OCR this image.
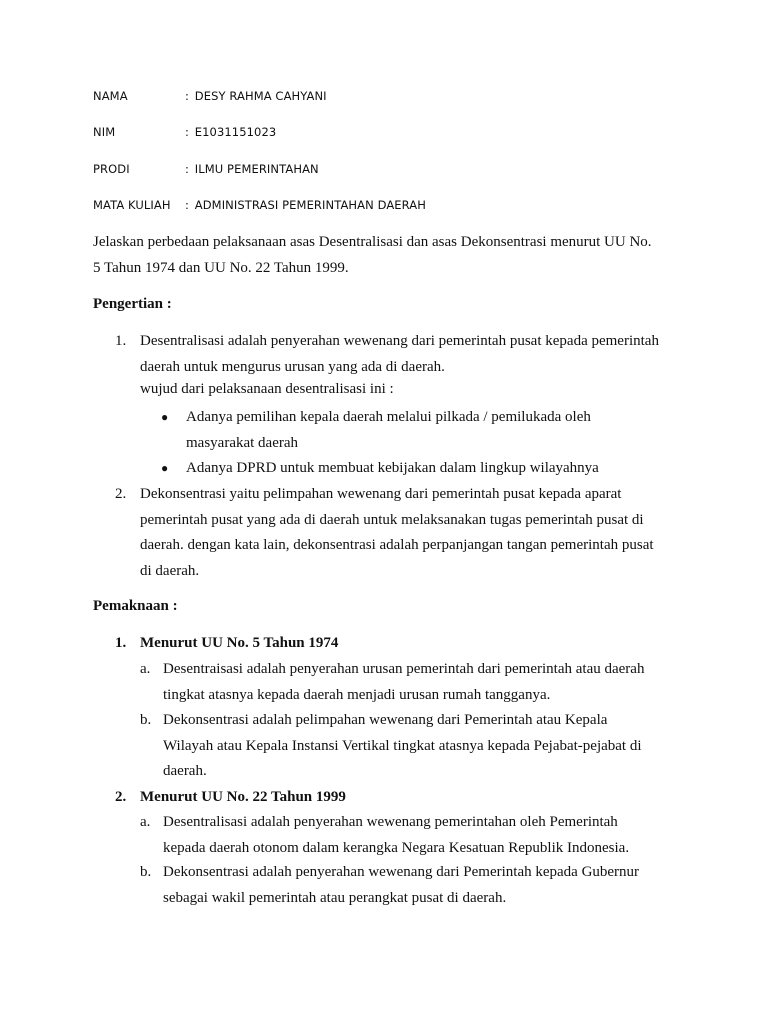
NAMA	: DESY RAHMA CAHYANI
NIM	: E1031151023
PRODI	: ILMU PEMERINTAHAN
MATA KULIAH : ADMINISTRASI PEMERINTAHAN DAERAH
Jelaskan perbedaan pelaksanaan asas Desentralisasi dan asas Dekonsentrasi menurut UU No.
5 Tahun 1974 dan UU No. 22 Tahun 1999.
Pengertian :
1. Desentralisasi adalah penyerahan wewenang dari pemerintah pusat kepada pemerintah
daerah untuk mengurus urusan yang ada di daerah.
wujud dari pelaksanaan desentralisasi ini :
● Adanya pemilihan kepala daerah melalui pilkada / pemilukada oleh
masyarakat daerah
● Adanya DPRD untuk membuat kebijakan dalam lingkup wilayahnya
2. Dekonsentrasi yaitu pelimpahan wewenang dari pemerintah pusat kepada aparat
pemerintah pusat yang ada di daerah untuk melaksanakan tugas pemerintah pusat di
daerah. dengan kata lain, dekonsentrasi adalah perpanjangan tangan pemerintah pusat
di daerah.
Pemaknaan :
1. Menurut UU No. 5 Tahun 1974
a. Desentraisasi adalah penyerahan urusan pemerintah dari pemerintah atau daerah
tingkat atasnya kepada daerah menjadi urusan rumah tangganya.
b. Dekonsentrasi adalah pelimpahan wewenang dari Pemerintah atau Kepala
Wilayah atau Kepala Instansi Vertikal tingkat atasnya kepada Pejabat-pejabat di
daerah.
2. Menurut UU No. 22 Tahun 1999
a. Desentralisasi adalah penyerahan wewenang pemerintahan oleh Pemerintah
kepada daerah otonom dalam kerangka Negara Kesatuan Republik Indonesia.
b. Dekonsentrasi adalah penyerahan wewenang dari Pemerintah kepada Gubernur
sebagai wakil pemerintah atau perangkat pusat di daerah.
